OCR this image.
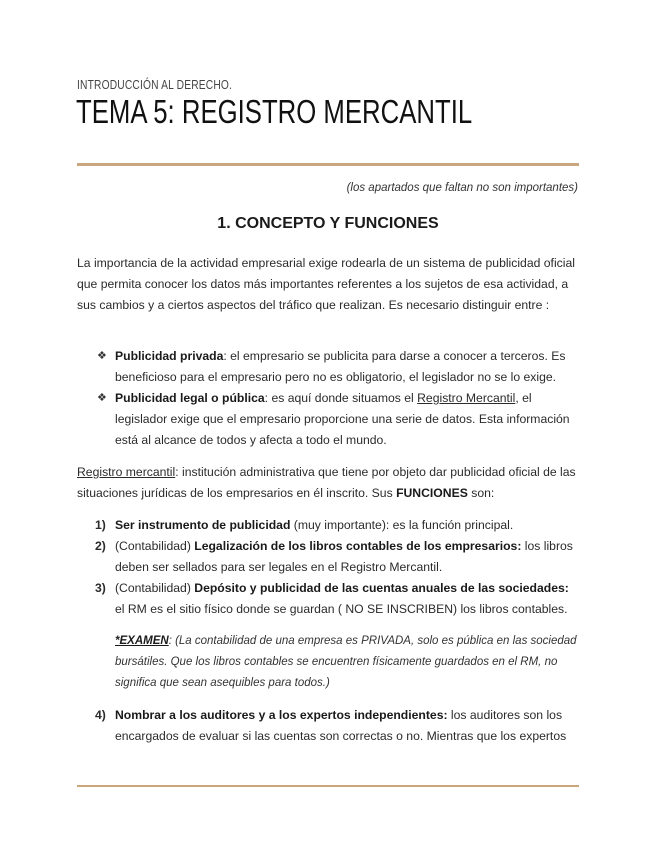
INTRODUCCIÓN AL DERECHO.
TEMA 5: REGISTRO MERCANTIL
(los apartados que faltan no son importantes)
1. CONCEPTO Y FUNCIONES

La importancia de la actividad empresarial exige rodearla de un sistema de publicidad oficial que permita conocer los datos más importantes referentes a los sujetos de esa actividad, a sus cambios y a ciertos aspectos del tráfico que realizan. Es necesario distinguir entre :

❖ Publicidad privada: el empresario se publicita para darse a conocer a terceros. Es beneficioso para el empresario pero no es obligatorio, el legislador no se lo exige.
❖ Publicidad legal o pública: es aquí donde situamos el Registro Mercantil, el legislador exige que el empresario proporcione una serie de datos. Esta información está al alcance de todos y afecta a todo el mundo.

Registro mercantil: institución administrativa que tiene por objeto dar publicidad oficial de las situaciones jurídicas de los empresarios en él inscrito. Sus FUNCIONES son:

1) Ser instrumento de publicidad (muy importante): es la función principal.
2) (Contabilidad) Legalización de los libros contables de los empresarios: los libros deben ser sellados para ser legales en el Registro Mercantil.
3) (Contabilidad) Depósito y publicidad de las cuentas anuales de las sociedades: el RM es el sitio físico donde se guardan ( NO SE INSCRIBEN) los libros contables.

*EXAMEN: (La contabilidad de una empresa es PRIVADA, solo es pública en las sociedad bursátiles. Que los libros contables se encuentren físicamente guardados en el RM, no significa que sean asequibles para todos.)

4) Nombrar a los auditores y a los expertos independientes: los auditores son los encargados de evaluar si las cuentas son correctas o no. Mientras que los expertos
